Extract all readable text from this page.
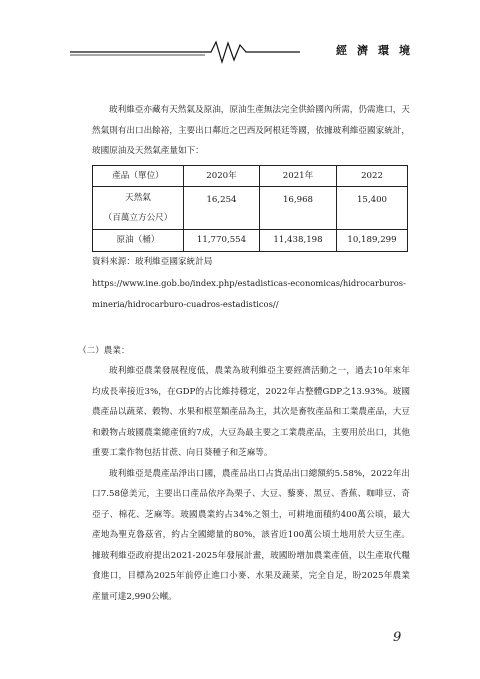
經濟環境

玻利維亞亦藏有天然氣及原油，原油生產無法完全供給國內所需，仍需進口，天然氣則有出口出餘裕，主要出口鄰近之巴西及阿根廷等國，依據玻利維亞國家統計，玻國原油及天然氣產量如下：

產品（單位）	2020年	2021年	2022

天然氣
（百萬立方公尺）	16,254	16,968	15,400
原油（桶）	11,770,554	11,438,198	10,189,299

資料來源：玻利維亞國家統計局

https://www.ine.gob.bo/index.php/estadisticas-economicas/hidrocarburos-mineria/hidrocarburo-cuadros-estadisticos//

（二）農業：

玻利維亞農業發展程度低，農業為玻利維亞主要經濟活動之一，過去10年來年均成長率接近3%，在GDP的占比維持穩定，2022年占整體GDP之13.93%。玻國農產品以蔬菜、穀物、水果和根莖類產品為主，其次是畜牧產品和工業農產品，大豆和穀物占玻國農業總產值約7成，大豆為最主要之工業農產品，主要用於出口，其他重要工業作物包括甘蔗、向日葵種子和芝麻等。

玻利維亞是農產品淨出口國，農產品出口占貨品出口總額約5.58%，2022年出口7.58億美元，主要出口產品依序為栗子、大豆、藜麥、黑豆、香蕉、咖啡豆、奇亞子、棉花、芝麻等。玻國農業約占34%之領土，可耕地面積約400萬公頃，最大產地為聖克魯茲省，約占全國總量的80%，該省近100萬公頃土地用於大豆生產。據玻利維亞政府提出2021-2025年發展計畫，玻國盼增加農業產值，以生產取代糧食進口，目標為2025年前停止進口小麥、水果及蔬菜，完全自足，盼2025年農業產量可達2,990公噸。

9
